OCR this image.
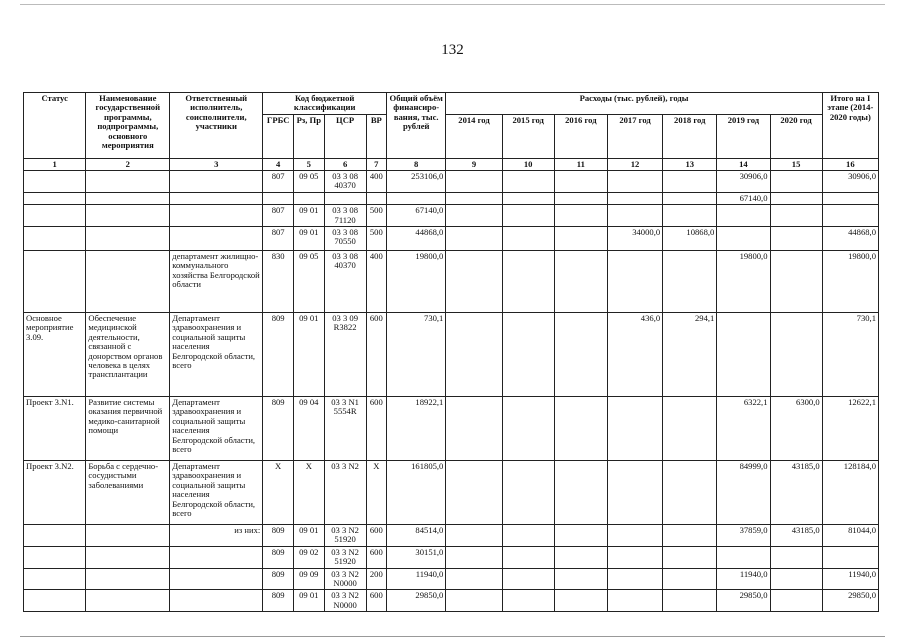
132
Статус	Наименование государственной программы, подпрограммы, основного мероприятия	Ответственный исполнитель, соисполнители, участники	Код бюджетной классификации				Общий объём финансиро-вания, тыс. рублей	Расходы (тыс. рублей), годы							Итого на I этапе (2014-2020 годы)
			ГРБС	Рз, Пр	ЦСР	ВР		2014 год	2015 год	2016 год	2017 год	2018 год	2019 год	2020 год	
1	2	3	4	5	6	7	8	9	10	11	12	13	14	15	16
			807	09 05	03 3 08 40370	400	253106,0						30906,0		30906,0
													67140,0		
			807	09 01	03 3 08 71120	500	67140,0								
			807	09 01	03 3 08 70550	500	44868,0				34000,0	10868,0			44868,0
		департамент жилищно-коммунального хозяйства Белгородской области	830	09 05	03 3 08 40370	400	19800,0						19800,0		19800,0
Основное мероприятие 3.09.	Обеспечение медицинской деятельности, связанной с донорством органов человека в целях трансплантации	Департамент здравоохранения и социальной защиты населения Белгородской области, всего	809	09 01	03 3 09 R3822	600	730,1				436,0	294,1			730,1
Проект 3.N1.	Развитие системы оказания первичной медико-санитарной помощи	Департамент здравоохранения и социальной защиты населения Белгородской области, всего	809	09 04	03 3 N1 5554R	600	18922,1						6322,1	6300,0	12622,1
Проект 3.N2.	Борьба с сердечно-сосудистыми заболеваниями	Департамент здравоохранения и социальной защиты населения Белгородской области, всего	X	X	03 3 N2	X	161805,0						84999,0	43185,0	128184,0
		из них:	809	09 01	03 3 N2 51920	600	84514,0						37859,0	43185,0	81044,0
			809	09 02	03 3 N2 51920	600	30151,0								
			809	09 09	03 3 N2 N0000	200	11940,0						11940,0		11940,0
			809	09 01	03 3 N2 N0000	600	29850,0						29850,0		29850,0
